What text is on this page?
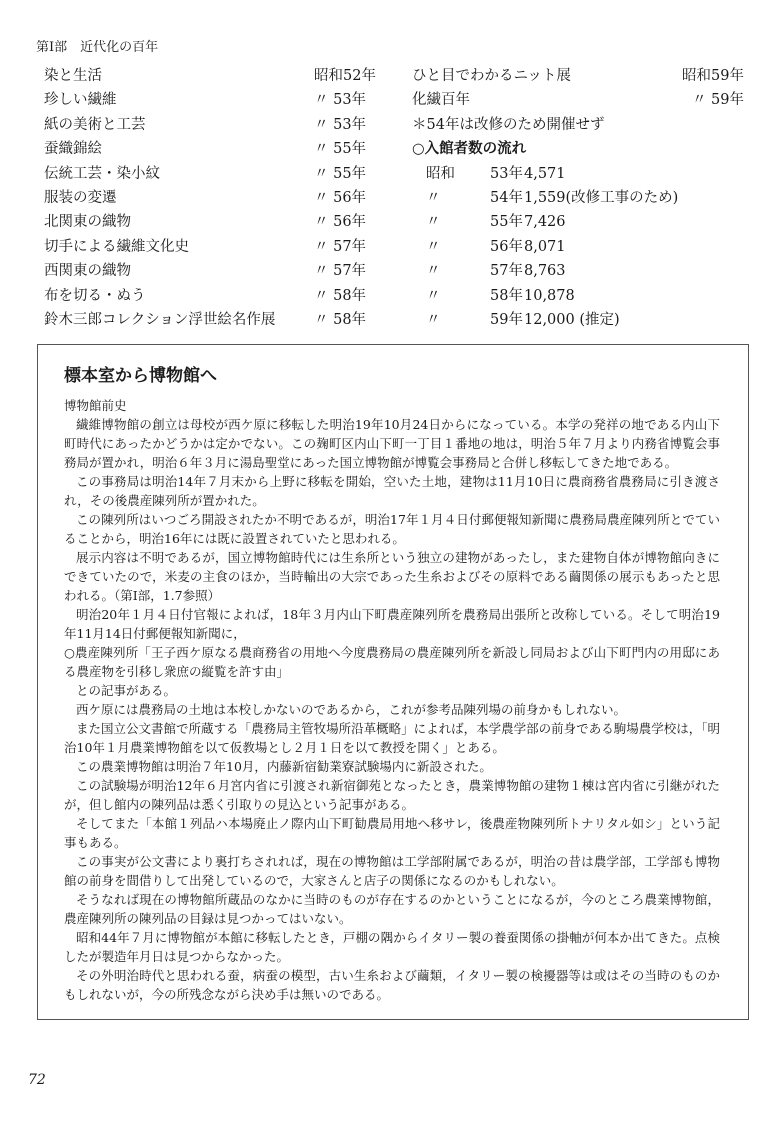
第Ⅰ部　近代化の百年
染と生活	昭和52年 ひと目でわかるニット展	昭和59年
珍しい繊維	〃 53年	化繊百年	〃 59年
紙の美術と工芸	〃 53年	＊54年は改修のため開催せず
蚕織錦絵	〃 55年	○入館者数の流れ
伝統工芸・染小紋	〃 55年	昭和	53年 4,571
服装の変遷	〃 56年	〃	54年 1,559(改修工事のため)
北関東の織物	〃 56年	〃	55年 7,426
切手による繊維文化史	〃 57年	〃	56年 8,071
西関東の織物	〃 57年	〃	57年 8,763
布を切る・ぬう	〃 58年	〃	58年 10,878
鈴木三郎コレクション浮世絵名作展	〃 58年	〃	59年 12,000 (推定)
標本室から博物館へ
博物館前史

繊維博物館の創立は母校が西ケ原に移転した明治19年10月24日からになっている。本学の発祥の地である内山下町時代にあったかどうかは定かでない。この麹町区内山下町一丁目１番地の地は，明治５年７月より内務省博覧会事務局が置かれ，明治６年３月に湯島聖堂にあった国立博物館が博覧会事務局と合併し移転してきた地である。

この事務局は明治14年７月末から上野に移転を開始，空いた土地，建物は11月10日に農商務省農務局に引き渡され，その後農産陳列所が置かれた。

この陳列所はいつごろ開設されたか不明であるが，明治17年１月４日付郵便報知新聞に農務局農産陳列所とでていることから，明治16年には既に設置されていたと思われる。

展示内容は不明であるが，国立博物館時代には生糸所という独立の建物があったし，また建物自体が博物館向きにできていたので，米麦の主食のほか，当時輸出の大宗であった生糸およびその原料である繭関係の展示もあったと思われる。（第Ⅰ部，1.7参照）

明治20年１月４日付官報によれば，18年３月内山下町農産陳列所を農務局出張所と改称している。そして明治19年11月14日付郵便報知新聞に，

○農産陳列所「王子西ケ原なる農商務省の用地へ今度農務局の農産陳列所を新設し同局および山下町門内の用邸にある農産物を引移し衆庶の縦覧を許す由」

との記事がある。

西ケ原には農務局の土地は本校しかないのであるから，これが参考品陳列場の前身かもしれない。

また国立公文書館で所蔵する「農務局主管牧場所沿革概略」によれば，本学農学部の前身である駒場農学校は，「明治10年１月農業博物館を以て仮教場とし２月１日を以て教授を開く」とある。

この農業博物館は明治７年10月，内藤新宿勧業寮試験場内に新設された。

この試験場が明治12年６月宮内省に引渡され新宿御苑となったとき，農業博物館の建物１棟は宮内省に引継がれたが，但し館内の陳列品は悉く引取りの見込という記事がある。

そしてまた「本館１列品ハ本場廃止ノ際内山下町勧農局用地へ移サレ，後農産物陳列所トナリタル如シ」という記事もある。

この事実が公文書により裏打ちされれば，現在の博物館は工学部附属であるが，明治の昔は農学部，工学部も博物館の前身を間借りして出発しているので，大家さんと店子の関係になるのかもしれない。

そうなれば現在の博物館所蔵品のなかに当時のものが存在するのかということになるが，今のところ農業博物館，農産陳列所の陳列品の目録は見つかってはいない。

昭和44年７月に博物館が本館に移転したとき，戸棚の隅からイタリー製の養蚕関係の掛軸が何本か出てきた。点検したが製造年月日は見つからなかった。

その外明治時代と思われる蚕，病蚕の模型，古い生糸および繭類，イタリー製の検擾器等は或はその当時のものかもしれないが，今の所残念ながら決め手は無いのである。

72
